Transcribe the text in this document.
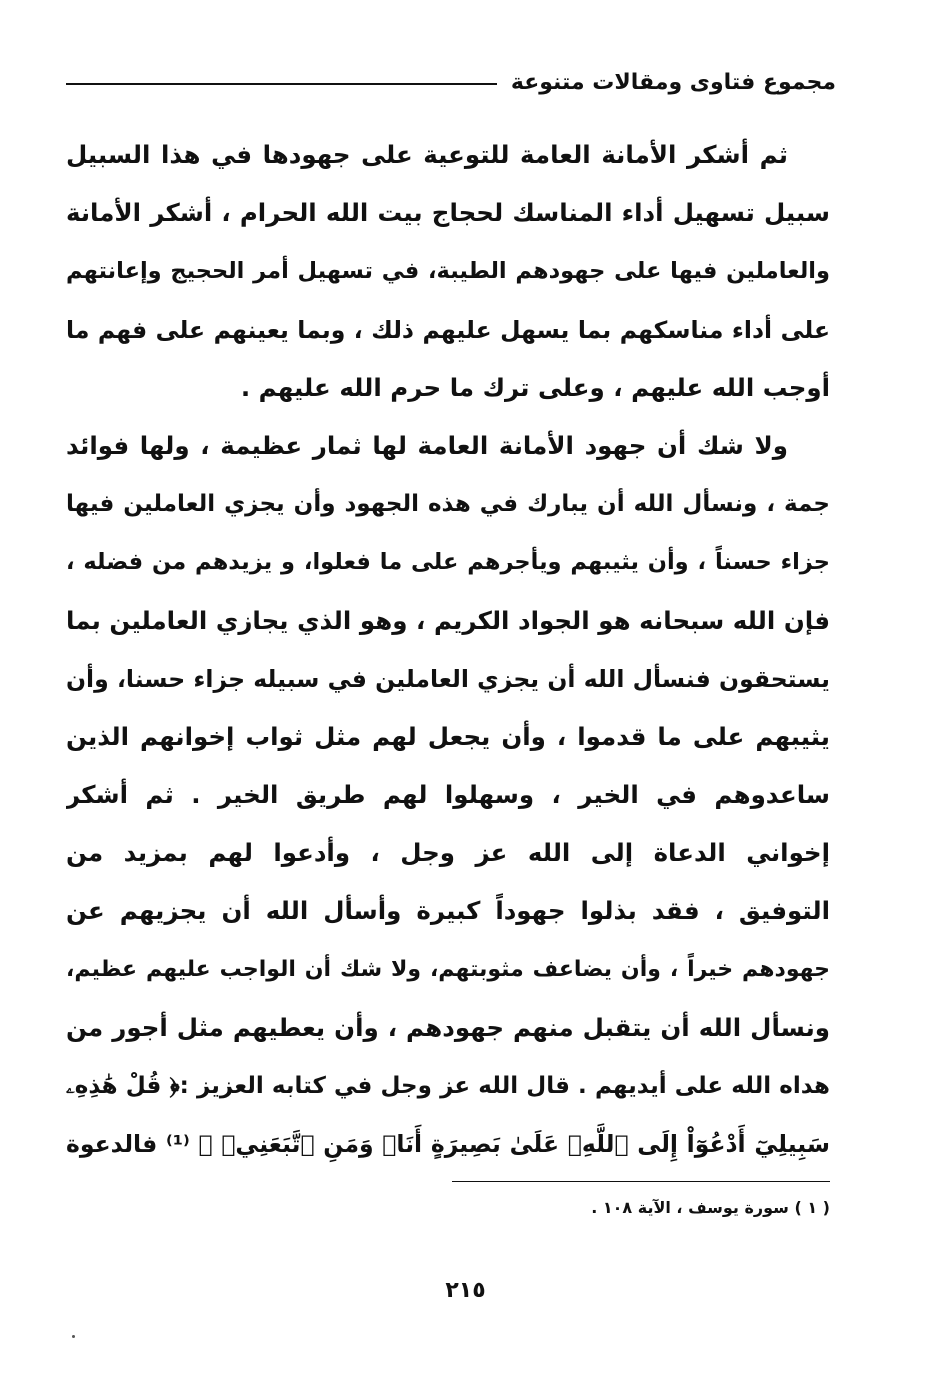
مجموع فتاوى ومقالات متنوعة
ثم أشكر الأمانة العامة للتوعية على جهودها في هذا السبيل
سبيل تسهيل أداء المناسك لحجاج بيت الله الحرام ، أشكر الأمانة
والعاملين فيها على جهودهم الطيبة، في تسهيل أمر الحجيج وإعانتهم
على أداء مناسكهم بما يسهل عليهم ذلك ، وبما يعينهم على فهم ما
أوجب الله عليهم ، وعلى ترك ما حرم الله عليهم .
ولا شك أن جهود الأمانة العامة لها ثمار عظيمة ، ولها فوائد
جمة ، ونسأل الله أن يبارك في هذه الجهود وأن يجزي العاملين فيها
جزاء حسناً ، وأن يثيبهم ويأجرهم على ما فعلوا، و يزيدهم من فضله ،
فإن الله سبحانه هو الجواد الكريم ، وهو الذي يجازي العاملين بما
يستحقون فنسأل الله أن يجزي العاملين في سبيله جزاء حسنا، وأن
يثيبهم على ما قدموا ، وأن يجعل لهم مثل ثواب إخوانهم الذين
ساعدوهم في الخير ، وسهلوا لهم طريق الخير . ثم أشكر
إخواني الدعاة إلى الله عز وجل ، وأدعوا لهم بمزيد من
التوفيق ، فقد بذلوا جهوداً كبيرة وأسأل الله أن يجزيهم عن
جهودهم خيراً ، وأن يضاعف مثوبتهم، ولا شك أن الواجب عليهم عظيم،
ونسأل الله أن يتقبل منهم جهودهم ، وأن يعطيهم مثل أجور من
هداه الله على أيديهم . قال الله عز وجل في كتابه العزيز :﴿ قُلْ هَٰذِهِۦ
سَبِيلِيٓ أَدْعُوٓاْ إِلَى ٱللَّهِۚ عَلَىٰ بَصِيرَةٍ أَنَا۠ وَمَنِ ٱتَّبَعَنِيۖ ﴾ ⁽¹⁾ فالدعوة
( ١ ) سورة يوسف ، الآية ١٠٨ .
٢١٥
